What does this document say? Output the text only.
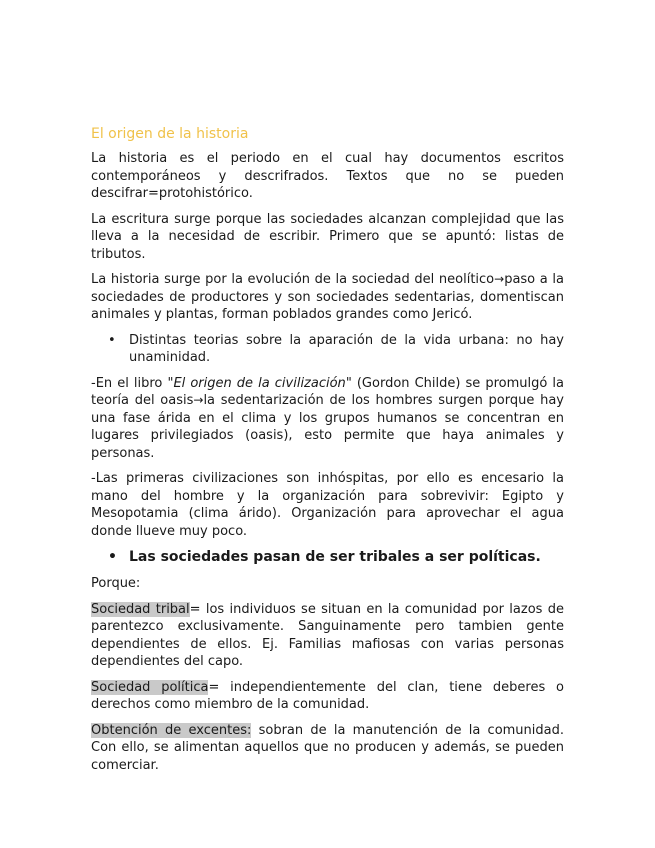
El origen de la historia

La historia es el periodo en el cual hay documentos escritos contemporáneos y descrifrados. Textos que no se pueden descifrar=protohistórico.

La escritura surge porque las sociedades alcanzan complejidad que las lleva a la necesidad de escribir. Primero que se apuntó: listas de tributos.

La historia surge por la evolución de la sociedad del neolítico→paso a la sociedades de productores y son sociedades sedentarias, domentiscan animales y plantas, forman poblados grandes como Jericó.

• Distintas teorias sobre la aparación de la vida urbana: no hay unaminidad.

-En el libro "El origen de la civilización" (Gordon Childe) se promulgó la teoría del oasis→la sedentarización de los hombres surgen porque hay una fase árida en el clima y los grupos humanos se concentran en lugares privilegiados (oasis), esto permite que haya animales y personas.

-Las primeras civilizaciones son inhóspitas, por ello es encesario la mano del hombre y la organización para sobrevivir: Egipto y Mesopotamia (clima árido). Organización para aprovechar el agua donde llueve muy poco.

• Las sociedades pasan de ser tribales a ser políticas.

Porque:

Sociedad tribal= los individuos se situan en la comunidad por lazos de parentezco exclusivamente. Sanguinamente pero tambien gente dependientes de ellos. Ej. Familias mafiosas con varias personas dependientes del capo.

Sociedad política= independientemente del clan, tiene deberes o derechos como miembro de la comunidad.

Obtención de excentes: sobran de la manutención de la comunidad. Con ello, se alimentan aquellos que no producen y además, se pueden comerciar.
